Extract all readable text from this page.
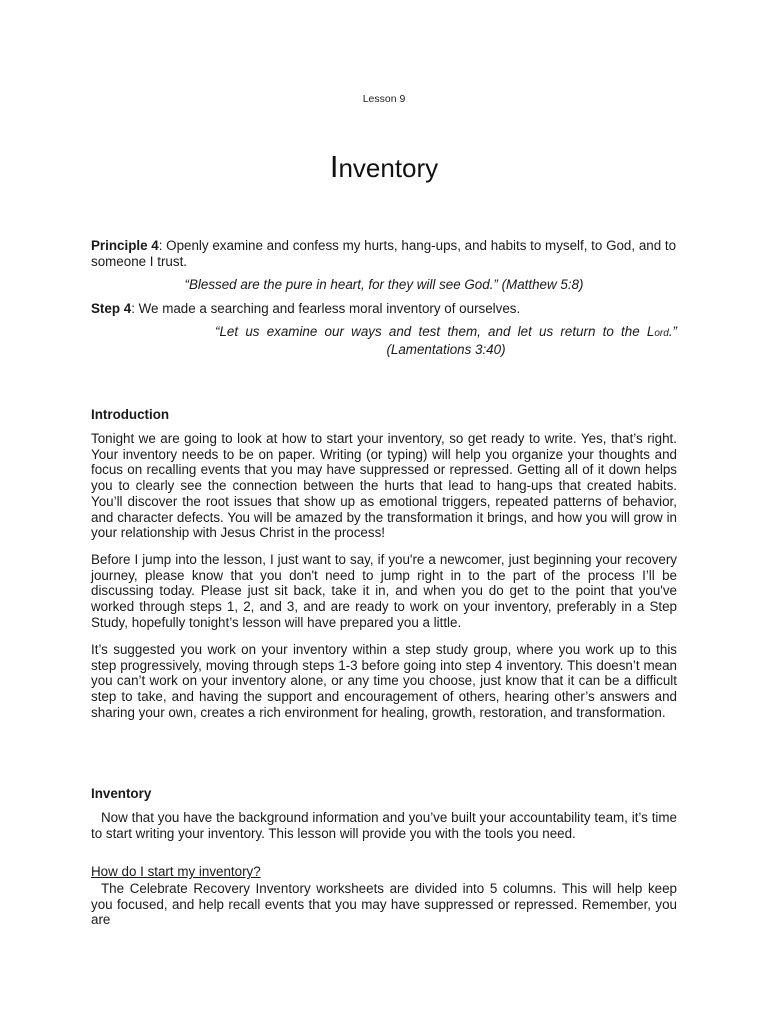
Lesson 9
Inventory

Principle 4: Openly examine and confess my hurts, hang-ups, and habits to myself, to God, and to someone I trust.

“Blessed are the pure in heart, for they will see God.” (Matthew 5:8)

Step 4: We made a searching and fearless moral inventory of ourselves.

“Let us examine our ways and test them, and let us return to the Lord.”
(Lamentations 3:40)
Introduction
Tonight we are going to look at how to start your inventory, so get ready to write. Yes, that’s right. Your inventory needs to be on paper. Writing (or typing) will help you organize your thoughts and focus on recalling events that you may have suppressed or repressed. Getting all of it down helps you to clearly see the connection between the hurts that lead to hang-ups that created habits. You’ll discover the root issues that show up as emotional triggers, repeated patterns of behavior, and character defects. You will be amazed by the transformation it brings, and how you will grow in your relationship with Jesus Christ in the process!
Before I jump into the lesson, I just want to say, if you're a newcomer, just beginning your recovery journey, please know that you don't need to jump right in to the part of the process I’ll be discussing today. Please just sit back, take it in, and when you do get to the point that you've worked through steps 1, 2, and 3, and are ready to work on your inventory, preferably in a Step Study, hopefully tonight’s lesson will have prepared you a little.
It’s suggested you work on your inventory within a step study group, where you work up to this step progressively, moving through steps 1-3 before going into step 4 inventory. This doesn’t mean you can’t work on your inventory alone, or any time you choose, just know that it can be a difficult step to take, and having the support and encouragement of others, hearing other’s answers and sharing your own, creates a rich environment for healing, growth, restoration, and transformation.
Inventory
Now that you have the background information and you’ve built your accountability team, it’s time to start writing your inventory. This lesson will provide you with the tools you need.
How do I start my inventory?
The Celebrate Recovery Inventory worksheets are divided into 5 columns. This will help keep you focused, and help recall events that you may have suppressed or repressed. Remember, you are
